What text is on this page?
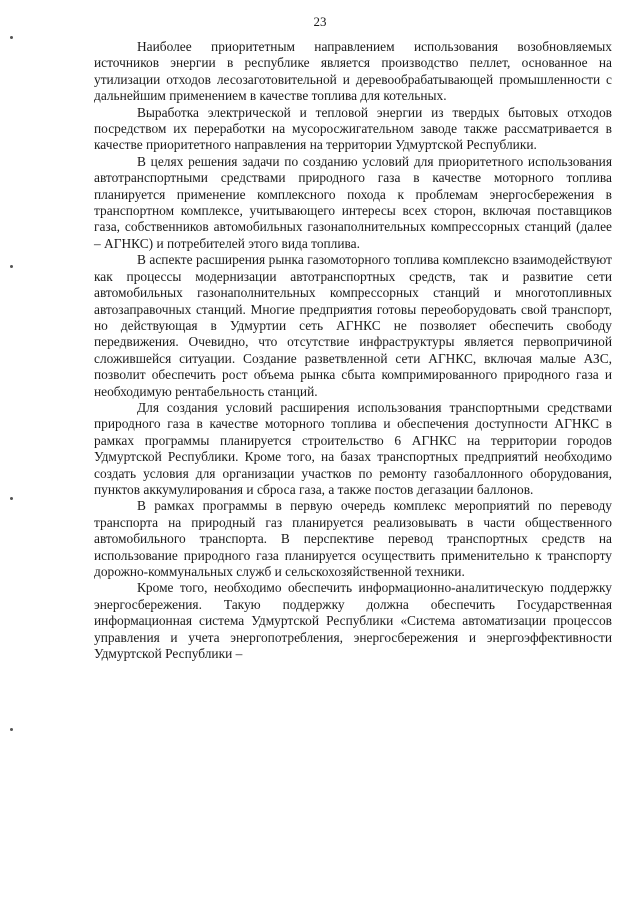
23

Наиболее приоритетным направлением использования возобновляемых источников энергии в республике является производство пеллет, основанное на утилизации отходов лесозаготовительной и деревообрабатывающей промышленности с дальнейшим применением в качестве топлива для котельных.

Выработка электрической и тепловой энергии из твердых бытовых отходов посредством их переработки на мусоросжигательном заводе также рассматривается в качестве приоритетного направления на территории Удмуртской Республики.

В целях решения задачи по созданию условий для приоритетного использования автотранспортными средствами природного газа в качестве моторного топлива планируется применение комплексного похода к проблемам энергосбережения в транспортном комплексе, учитывающего интересы всех сторон, включая поставщиков газа, собственников автомобильных газонаполнительных компрессорных станций (далее – АГНКС) и потребителей этого вида топлива.

В аспекте расширения рынка газомоторного топлива комплексно взаимодействуют как процессы модернизации автотранспортных средств, так и развитие сети автомобильных газонаполнительных компрессорных станций и многотопливных автозаправочных станций. Многие предприятия готовы переоборудовать свой транспорт, но действующая в Удмуртии сеть АГНКС не позволяет обеспечить свободу передвижения. Очевидно, что отсутствие инфраструктуры является первопричиной сложившейся ситуации. Создание разветвленной сети АГНКС, включая малые АЗС, позволит обеспечить рост объема рынка сбыта компримированного природного газа и необходимую рентабельность станций.

Для создания условий расширения использования транспортными средствами природного газа в качестве моторного топлива и обеспечения доступности АГНКС в рамках программы планируется строительство 6 АГНКС на территории городов Удмуртской Республики. Кроме того, на базах транспортных предприятий необходимо создать условия для организации участков по ремонту газобаллонного оборудования, пунктов аккумулирования и сброса газа, а также постов дегазации баллонов.

В рамках программы в первую очередь комплекс мероприятий по переводу транспорта на природный газ планируется реализовывать в части общественного автомобильного транспорта. В перспективе перевод транспортных средств на использование природного газа планируется осуществить применительно к транспорту дорожно-коммунальных служб и сельскохозяйственной техники.

Кроме того, необходимо обеспечить информационно-аналитическую поддержку энергосбережения. Такую поддержку должна обеспечить Государственная информационная система Удмуртской Республики «Система автоматизации процессов управления и учета энергопотребления, энергосбережения и энергоэффективности Удмуртской Республики –
